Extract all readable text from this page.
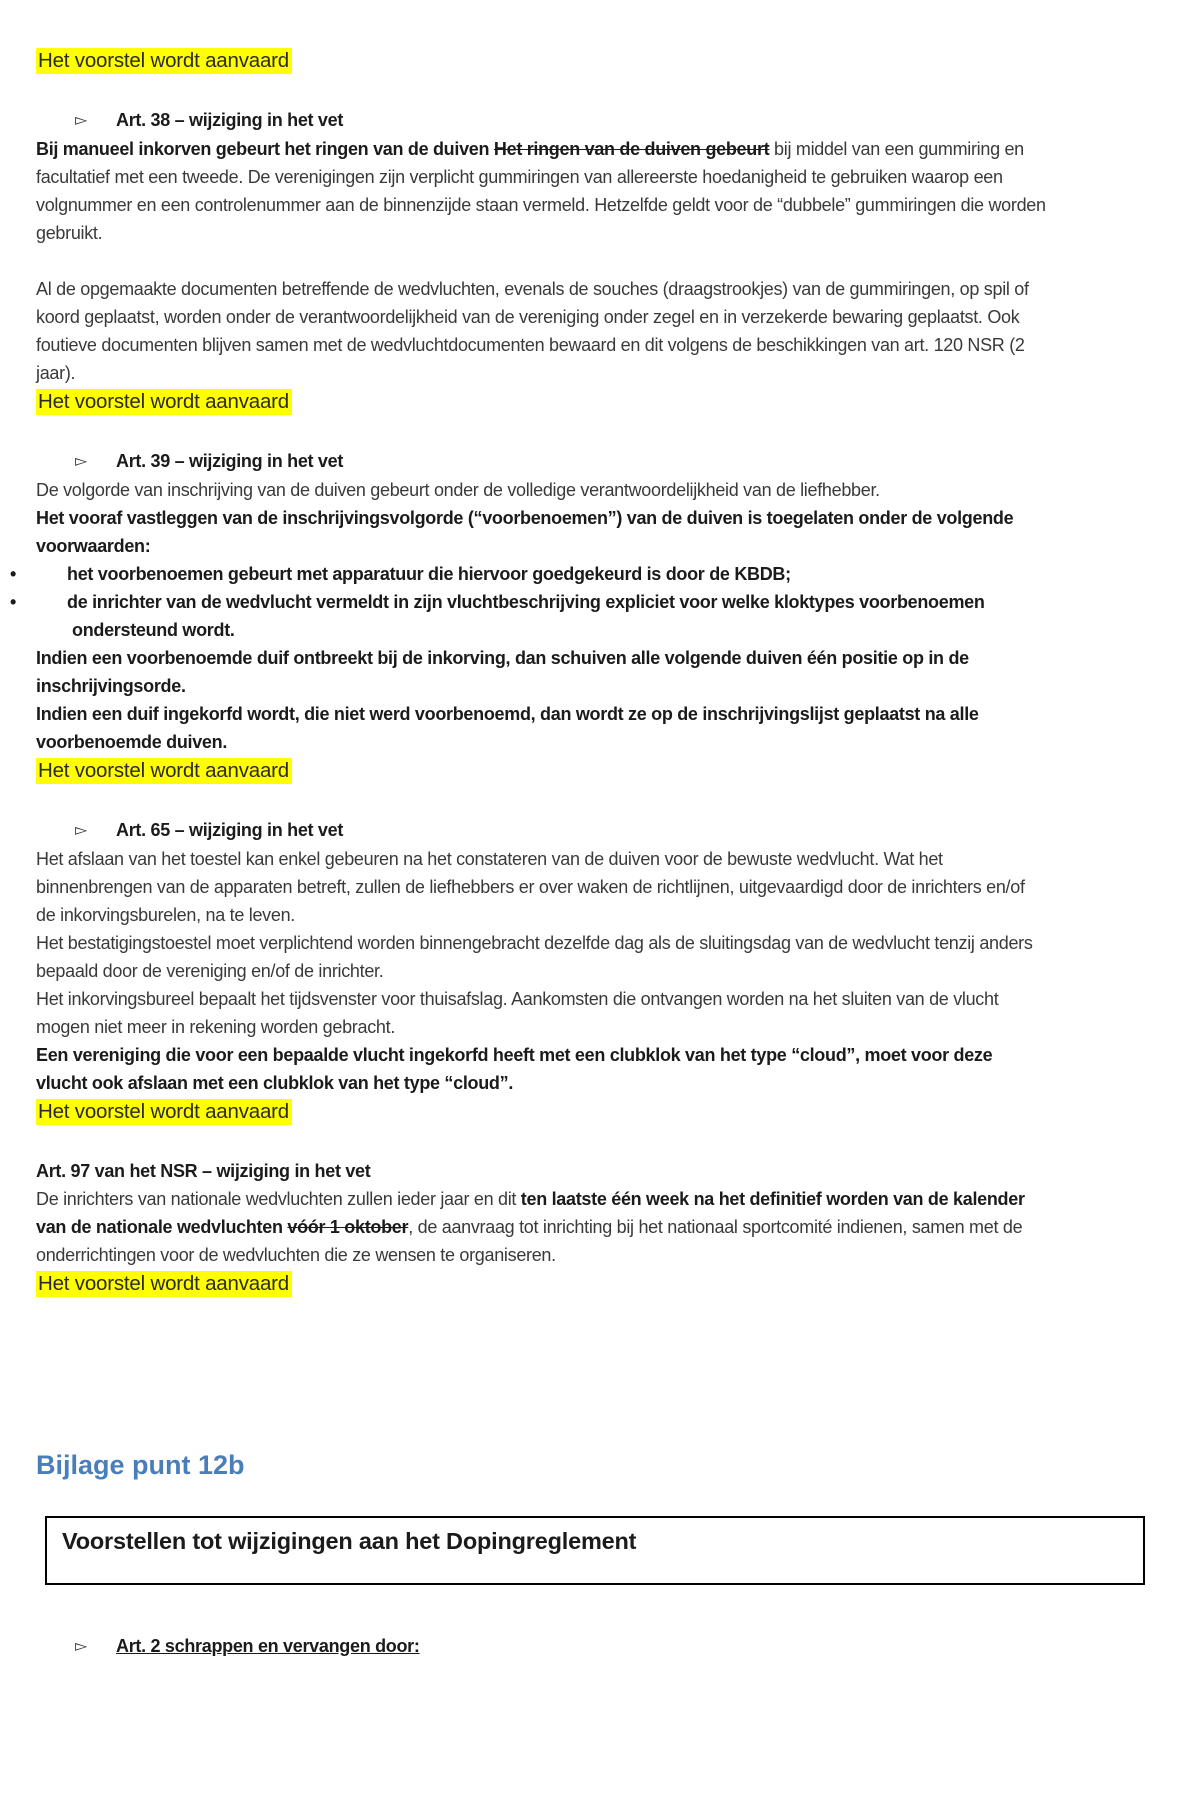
Het voorstel wordt aanvaard
▻ Art. 38 – wijziging in het vet
Bij manueel inkorven gebeurt het ringen van de duiven Het ringen van de duiven gebeurt bij middel van een gummiring en facultatief met een tweede. De verenigingen zijn verplicht gummiringen van allereerste hoedanigheid te gebruiken waarop een volgnummer en een controlenummer aan de binnenzijde staan vermeld. Hetzelfde geldt voor de “dubbele” gummiringen die worden gebruikt.
Al de opgemaakte documenten betreffende de wedvluchten, evenals de souches (draagstrookjes) van de gummiringen, op spil of koord geplaatst, worden onder de verantwoordelijkheid van de vereniging onder zegel en in verzekerde bewaring geplaatst. Ook foutieve documenten blijven samen met de wedvluchtdocumenten bewaard en dit volgens de beschikkingen van art. 120 NSR (2 jaar).
Het voorstel wordt aanvaard
▻ Art. 39 – wijziging in het vet
De volgorde van inschrijving van de duiven gebeurt onder de volledige verantwoordelijkheid van de liefhebber.
Het vooraf vastleggen van de inschrijvingsvolgorde (“voorbenoemen”) van de duiven is toegelaten onder de volgende voorwaarden:
•	het voorbenoemen gebeurt met apparatuur die hiervoor goedgekeurd is door de KBDB;
•	de inrichter van de wedvlucht vermeldt in zijn vluchtbeschrijving expliciet voor welke kloktypes voorbenoemen ondersteund wordt.
Indien een voorbenoemde duif ontbreekt bij de inkorving, dan schuiven alle volgende duiven één positie op in de inschrijvingsorde.
Indien een duif ingekorfd wordt, die niet werd voorbenoemd, dan wordt ze op de inschrijvingslijst geplaatst na alle voorbenoemde duiven.
Het voorstel wordt aanvaard
▻ Art. 65 – wijziging in het vet
Het afslaan van het toestel kan enkel gebeuren na het constateren van de duiven voor de bewuste wedvlucht. Wat het binnenbrengen van de apparaten betreft, zullen de liefhebbers er over waken de richtlijnen, uitgevaardigd door de inrichters en/of de inkorvingsburelen, na te leven.
Het bestatigingstoestel moet verplichtend worden binnengebracht dezelfde dag als de sluitingsdag van de wedvlucht tenzij anders bepaald door de vereniging en/of de inrichter.
Het inkorvingsbureel bepaalt het tijdsvenster voor thuisafslag. Aankomsten die ontvangen worden na het sluiten van de vlucht mogen niet meer in rekening worden gebracht.
Een vereniging die voor een bepaalde vlucht ingekorfd heeft met een clubklok van het type “cloud”, moet voor deze vlucht ook afslaan met een clubklok van het type “cloud”.
Het voorstel wordt aanvaard
Art. 97 van het NSR – wijziging in het vet
De inrichters van nationale wedvluchten zullen ieder jaar en dit ten laatste één week na het definitief worden van de kalender van de nationale wedvluchten vóór 1 oktober, de aanvraag tot inrichting bij het nationaal sportcomité indienen, samen met de onderrichtingen voor de wedvluchten die ze wensen te organiseren.
Het voorstel wordt aanvaard
Bijlage punt 12b
Voorstellen tot wijzigingen aan het Dopingreglement
▻ Art. 2 schrappen en vervangen door:
